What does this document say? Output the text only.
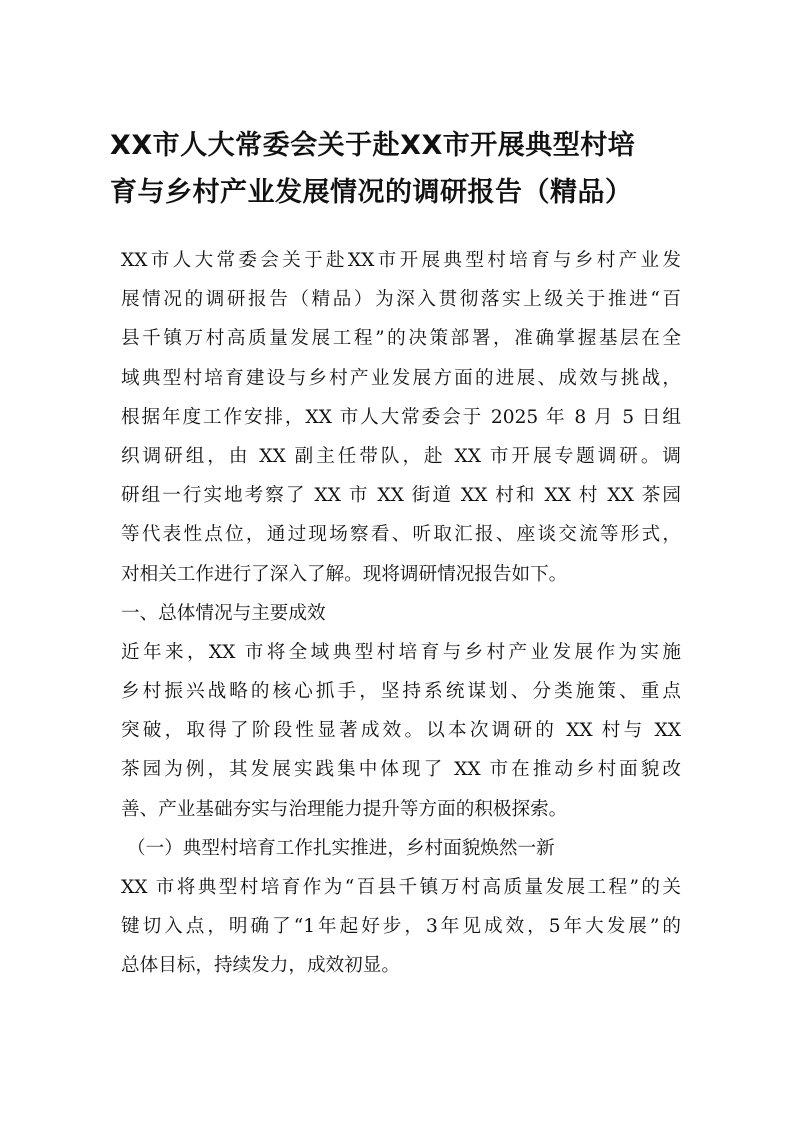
XX市人大常委会关于赴XX市开展典型村培
育与乡村产业发展情况的调研报告（精品）
XX市人大常委会关于赴XX市开展典型村培育与乡村产业发
展情况的调研报告（精品）为深入贯彻落实上级关于推进“百
县千镇万村高质量发展工程”的决策部署，准确掌握基层在全
域典型村培育建设与乡村产业发展方面的进展、成效与挑战，
根据年度工作安排，XX 市人大常委会于 2025 年 8 月 5 日组
织调研组，由 XX 副主任带队，赴 XX 市开展专题调研。调
研组一行实地考察了 XX 市 XX 街道 XX 村和 XX 村 XX 茶园
等代表性点位，通过现场察看、听取汇报、座谈交流等形式，
对相关工作进行了深入了解。现将调研情况报告如下。
一、总体情况与主要成效
近年来，XX 市将全域典型村培育与乡村产业发展作为实施
乡村振兴战略的核心抓手，坚持系统谋划、分类施策、重点
突破，取得了阶段性显著成效。以本次调研的 XX 村与 XX
茶园为例，其发展实践集中体现了 XX 市在推动乡村面貌改
善、产业基础夯实与治理能力提升等方面的积极探索。
（一）典型村培育工作扎实推进，乡村面貌焕然一新
XX 市将典型村培育作为“百县千镇万村高质量发展工程”的关
键切入点，明确了“1年起好步，3年见成效，5年大发展”的
总体目标，持续发力，成效初显。
